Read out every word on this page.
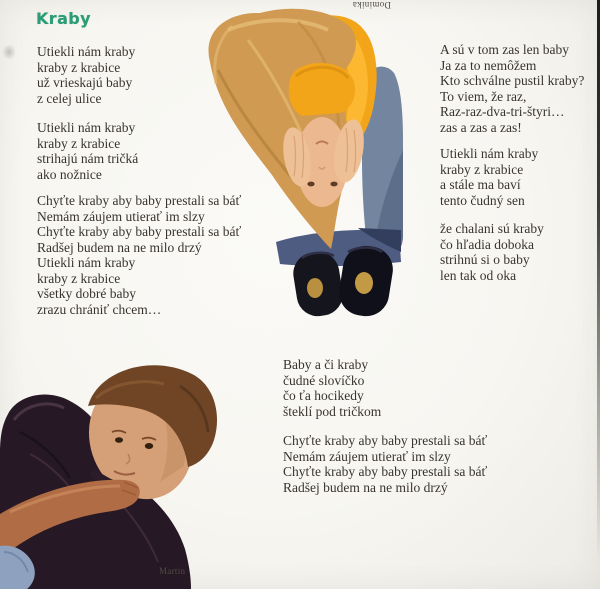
Kraby
Utiekli nám kraby
kraby z krabice
už vrieskajú baby
z celej ulice
Utiekli nám kraby
kraby z krabice
strihajú nám tričká
ako nožnice
Chyťte kraby aby baby prestali sa báť
Nemám záujem utierať im slzy
Chyťte kraby aby baby prestali sa báť
Radšej budem na ne milo drzý
Utiekli nám kraby
kraby z krabice
všetky dobré baby
zrazu chrániť chcem…
A sú v tom zas len baby
Ja za to nemôžem
Kto schválne pustil kraby?
To viem, že raz,
Raz-raz-dva-tri-štyri…
zas a zas a zas!
Utiekli nám kraby
kraby z krabice
a stále ma baví
tento čudný sen
že chalani sú kraby
čo hľadia doboka
strihnú si o baby
len tak od oka
Baby a či kraby
čudné slovíčko
čo ťa hocikedy
šteklí pod tričkom
Chyťte kraby aby baby prestali sa báť
Nemám záujem utierať im slzy
Chyťte kraby aby baby prestali sa báť
Radšej budem na ne milo drzý
Dominika
Martin
